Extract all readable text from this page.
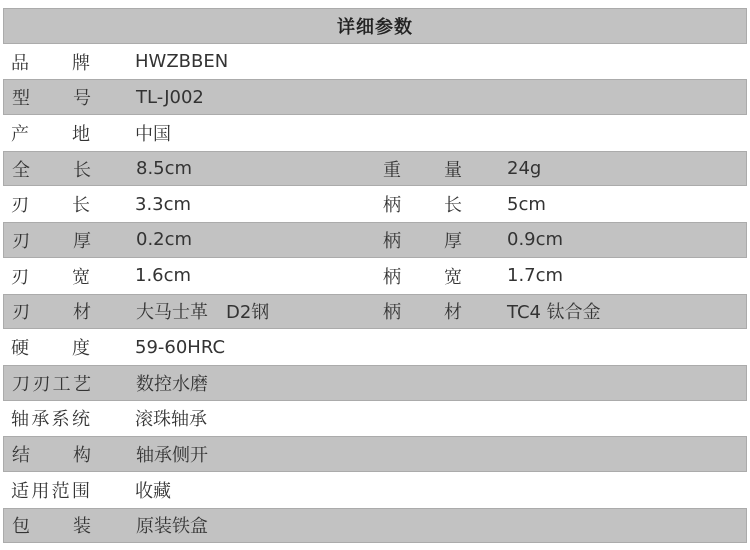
详细参数
品牌	HWZBBEN
型号	TL-J002
产地	中国
全长	8.5cm	重量	24g
刃长	3.3cm	柄长	5cm
刃厚	0.2cm	柄厚	0.9cm
刃宽	1.6cm	柄宽	1.7cm
刃材	大马士革　D2钢	柄材	TC4 钛合金
硬度	59-60HRC
刀刃工艺	数控水磨
轴承系统	滚珠轴承
结构	轴承侧开
适用范围	收藏
包装	原装铁盒
